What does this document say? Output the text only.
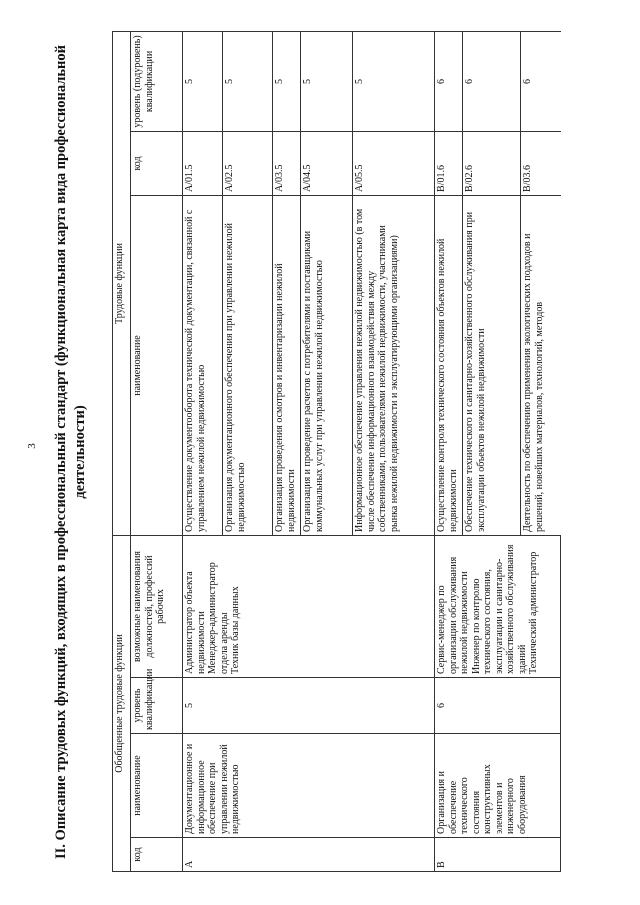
3 II. Описание трудовых функций, входящих в профессиональный стандарт (функциональная карта вида профессиональной деятельности)
Обобщенные трудовые функции				Трудовые функции		
код	наименование	уровень квалификации	возможные наименования должностей, профессий рабочих	наименование	код	уровень (подуровень) квалификации
А	Документационное и информационное обеспечение при управлении нежилой недвижимостью	5	Администратор объекта недвижимости Менеджер-администратор отдела аренды Техник базы данных	Осуществление документооборота технической документации, связанной с управлением нежилой недвижимостью	A/01.5	5
				Организация документационного обеспечения при управлении нежилой недвижимостью	A/02.5	5
				Организация проведения осмотров и инвентаризации нежилой недвижимости	A/03.5	5
				Организация и проведение расчетов с потребителями и поставщиками коммунальных услуг при управлении нежилой недвижимостью	A/04.5	5
				Информационное обеспечение управления нежилой недвижимостью (в том числе обеспечение информационного взаимодействия между собственниками, пользователями нежилой недвижимости, участниками рынка нежилой недвижимости и эксплуатирующими организациями)	A/05.5	5
В	Организация и обеспечение технического состояния конструктивных элементов и инженерного оборудования	6	Сервис-менеджер по организации обслуживания нежилой недвижимости Инженер по контролю технического состояния, эксплуатации и санитарно-хозяйственного обслуживания зданий Технический администратор	Осуществление контроля технического состояния объектов нежилой недвижимости	B/01.6	6
				Обеспечение технического и санитарно-хозяйственного обслуживания при эксплуатации объектов нежилой недвижимости	B/02.6	6
				Деятельность по обеспечению применения экологических подходов и решений, новейших материалов, технологий, методов	B/03.6	6
